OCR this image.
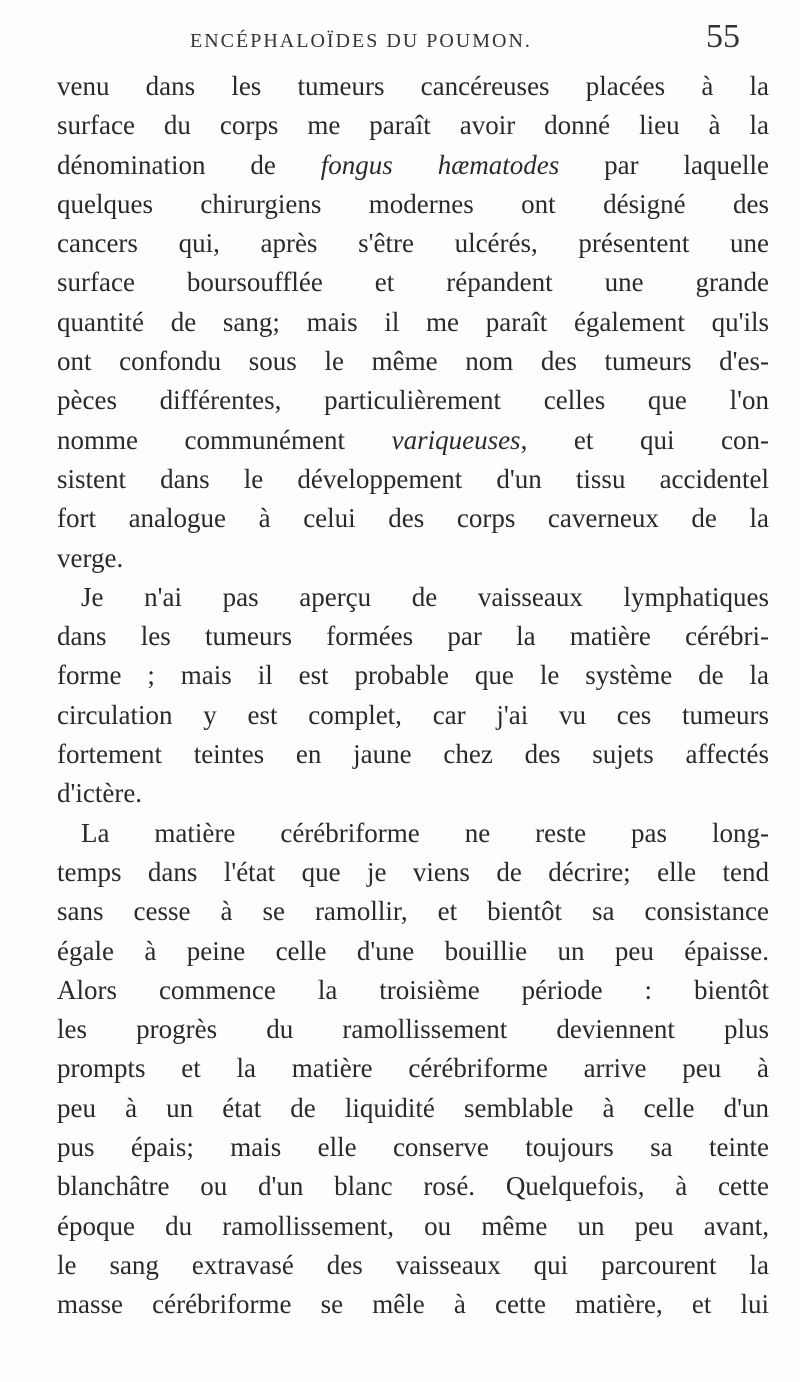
ENCÉPHALOÏDES DU POUMON.	55
venu dans les tumeurs cancéreuses placées à la
surface du corps me paraît avoir donné lieu à la
dénomination de fongus hæmatodes par laquelle
quelques chirurgiens modernes ont désigné des
cancers qui, après s'être ulcérés, présentent une
surface boursoufflée et répandent une grande
quantité de sang; mais il me paraît également qu'ils
ont confondu sous le même nom des tumeurs d'es-
pèces différentes, particulièrement celles que l'on
nomme communément variqueuses, et qui con-
sistent dans le développement d'un tissu accidentel
fort analogue à celui des corps caverneux de la
verge.
Je n'ai pas aperçu de vaisseaux lymphatiques
dans les tumeurs formées par la matière cérébri-
forme ; mais il est probable que le système de la
circulation y est complet, car j'ai vu ces tumeurs
fortement teintes en jaune chez des sujets affectés
d'ictère.
La matière cérébriforme ne reste pas long-
temps dans l'état que je viens de décrire; elle tend
sans cesse à se ramollir, et bientôt sa consistance
égale à peine celle d'une bouillie un peu épaisse.
Alors commence la troisième période : bientôt
les progrès du ramollissement deviennent plus
prompts et la matière cérébriforme arrive peu à
peu à un état de liquidité semblable à celle d'un
pus épais; mais elle conserve toujours sa teinte
blanchâtre ou d'un blanc rosé. Quelquefois, à cette
époque du ramollissement, ou même un peu avant,
le sang extravasé des vaisseaux qui parcourent la
masse cérébriforme se mêle à cette matière, et lui
